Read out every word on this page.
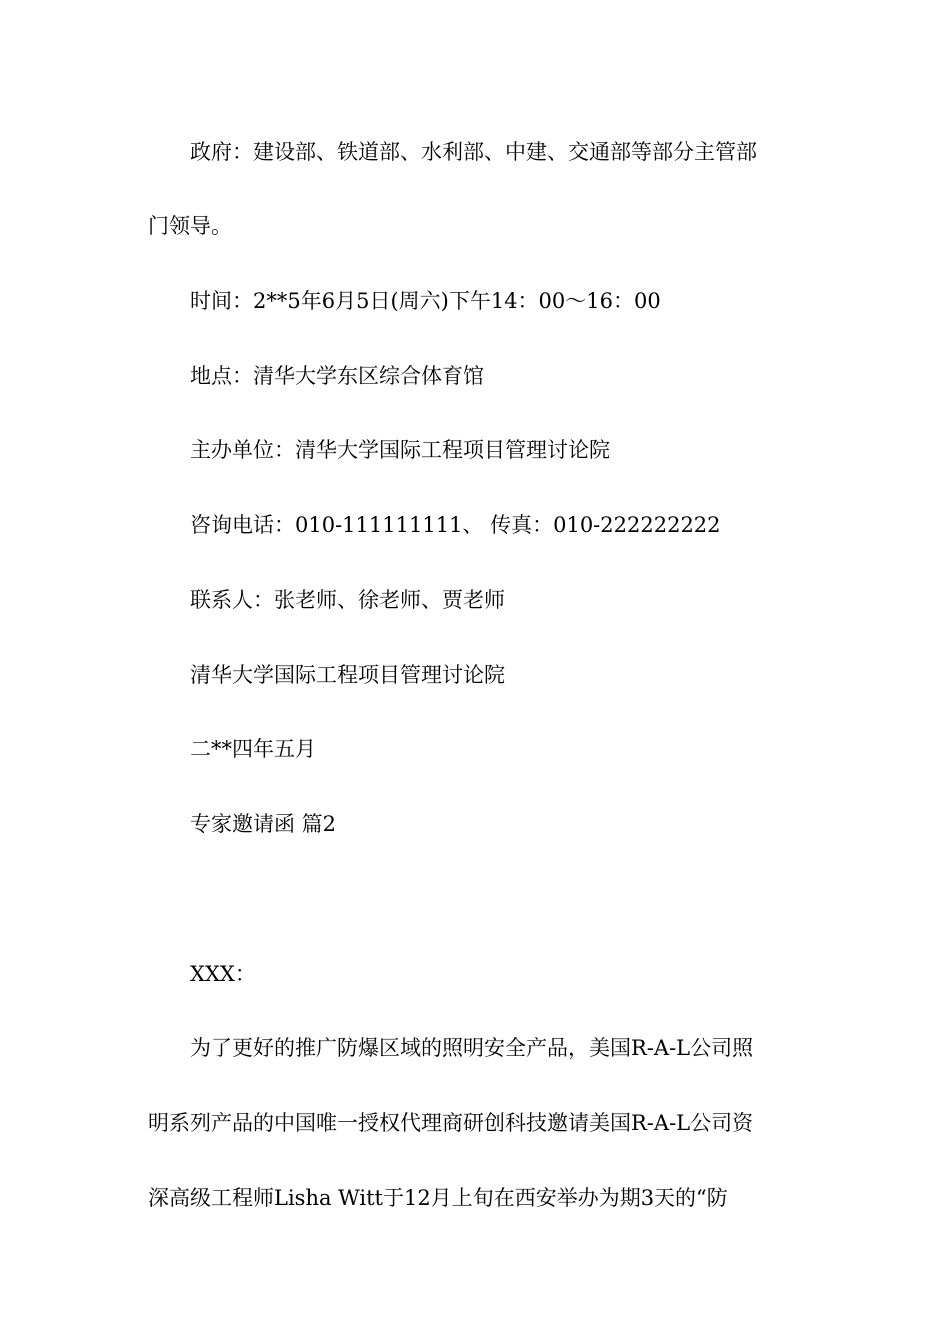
政府：建设部、铁道部、水利部、中建、交通部等部分主管部
门领导。
时间：2**5年6月5日(周六)下午14：00～16：00
地点：清华大学东区综合体育馆
主办单位：清华大学国际工程项目管理讨论院
咨询电话：010-111111111、 传真：010-222222222
联系人：张老师、徐老师、贾老师
清华大学国际工程项目管理讨论院
二**四年五月
专家邀请函 篇2
XXX：
为了更好的推广防爆区域的照明安全产品，美国R-A-L公司照
明系列产品的中国唯一授权代理商研创科技邀请美国R-A-L公司资
深高级工程师Lisha Witt于12月上旬在西安举办为期3天的“防
